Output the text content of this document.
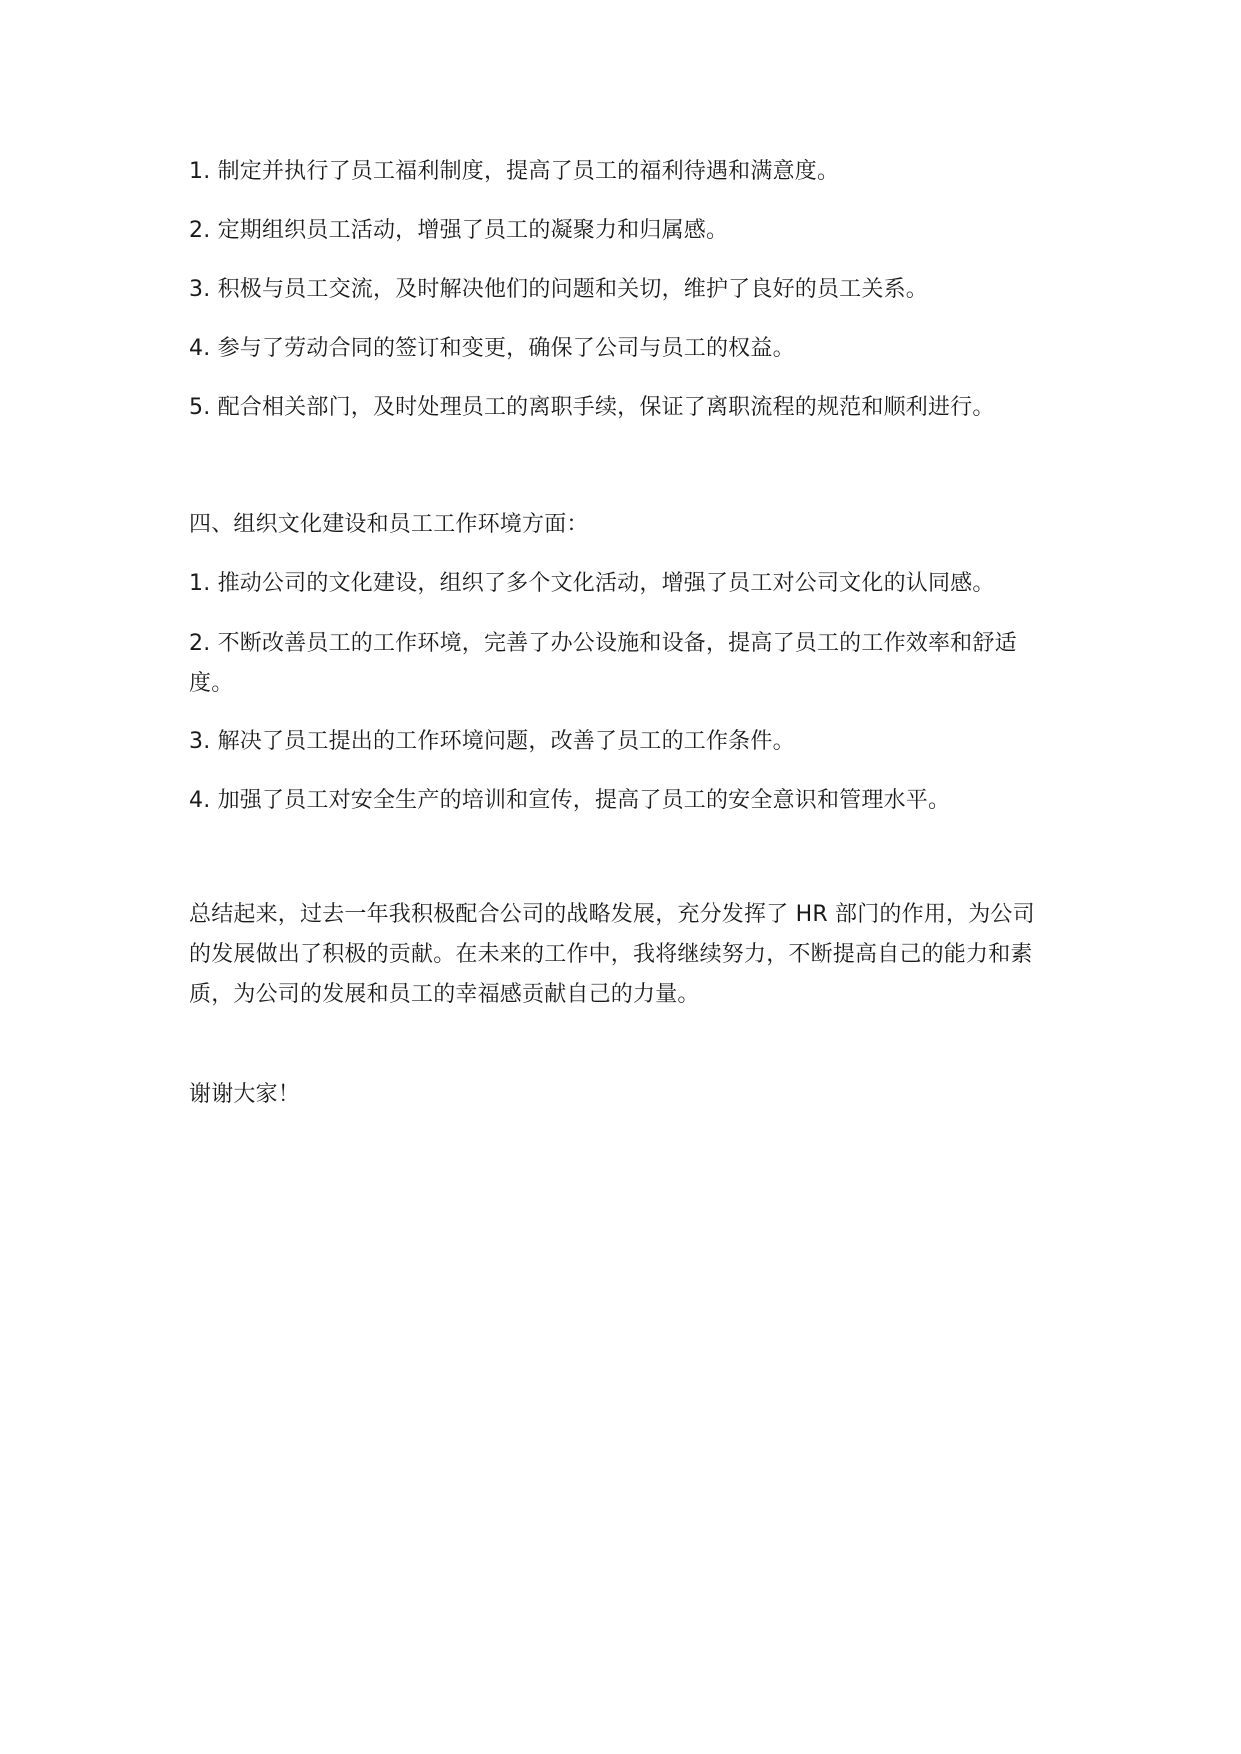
1. 制定并执行了员工福利制度，提高了员工的福利待遇和满意度。

2. 定期组织员工活动，增强了员工的凝聚力和归属感。

3. 积极与员工交流，及时解决他们的问题和关切，维护了良好的员工关系。

4. 参与了劳动合同的签订和变更，确保了公司与员工的权益。

5. 配合相关部门，及时处理员工的离职手续，保证了离职流程的规范和顺利进行。

四、组织文化建设和员工工作环境方面：

1. 推动公司的文化建设，组织了多个文化活动，增强了员工对公司文化的认同感。

2. 不断改善员工的工作环境，完善了办公设施和设备，提高了员工的工作效率和舒适度。

3. 解决了员工提出的工作环境问题，改善了员工的工作条件。

4. 加强了员工对安全生产的培训和宣传，提高了员工的安全意识和管理水平。

总结起来，过去一年我积极配合公司的战略发展，充分发挥了 HR 部门的作用，为公司的发展做出了积极的贡献。在未来的工作中，我将继续努力，不断提高自己的能力和素质，为公司的发展和员工的幸福感贡献自己的力量。

谢谢大家！
